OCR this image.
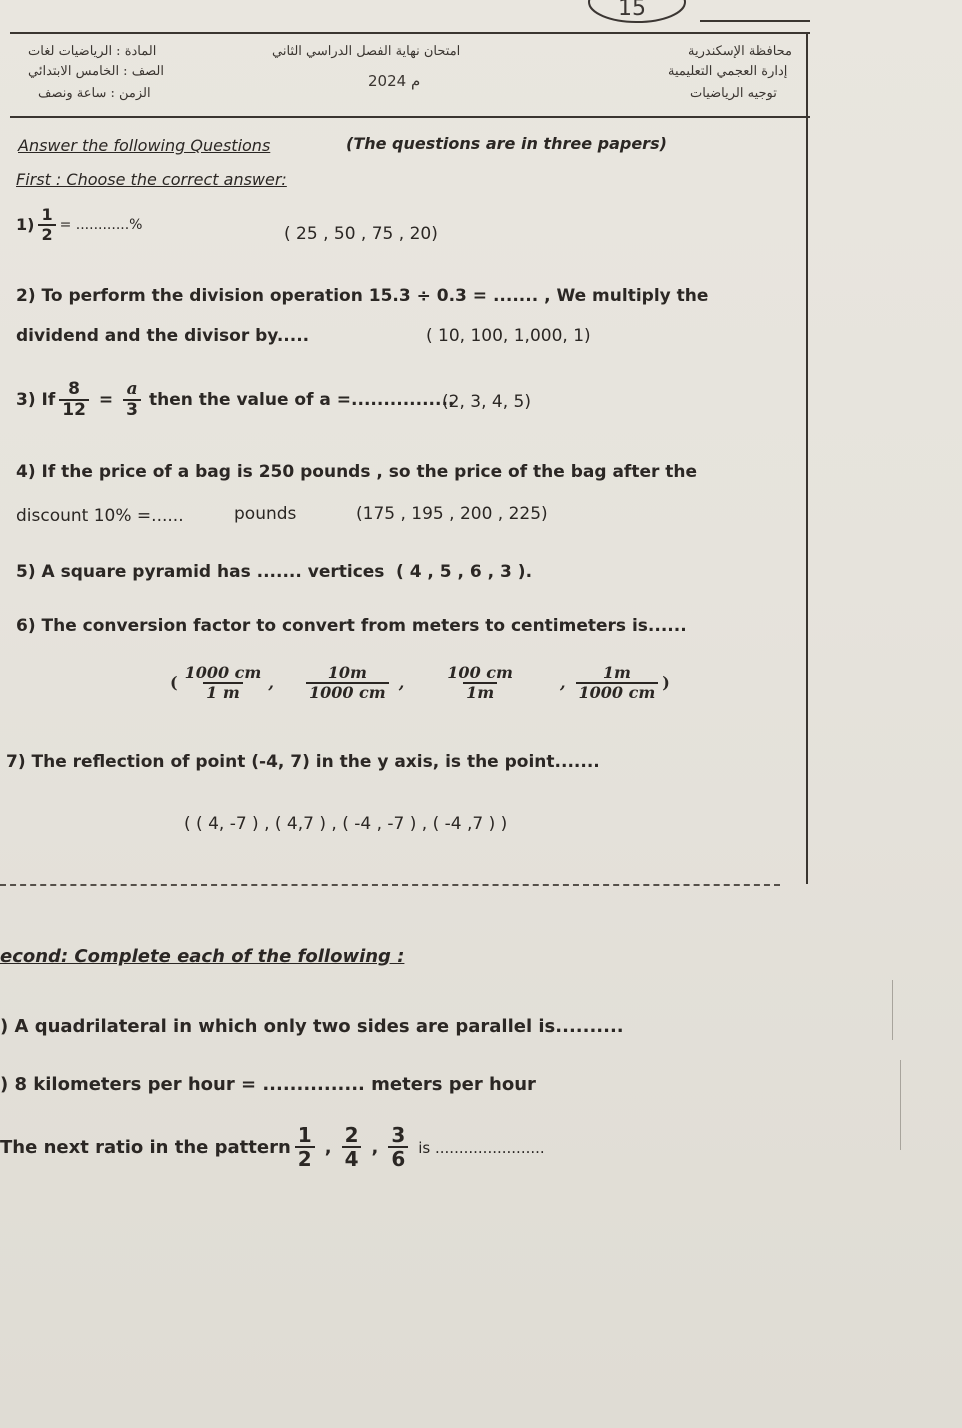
15
المادة : الرياضيات لغات
الصف : الخامس الابتدائي
الزمن : ساعة ونصف
امتحان نهاية الفصل الدراسي الثاني
2024 م
محافظة الإسكندرية
إدارة العجمي التعليمية
توجيه الرياضيات
Answer the following Questions	(The questions are in three papers)
First : Choose the correct answer:
$1) \frac{1}{2}$ = ............%	( 25 , 50 , 75 , 20)
2) To perform the division operation 15.3 ÷ 0.3 = ....... , We multiply the
dividend and the divisor by.....	( 10, 100, 1,000, 1)
3) If $\frac{8}{12} = \frac{a}{3}$ then the value of a =................
(2, 3, 4, 5)
4) If the price of a bag is 250 pounds , so the price of the bag after the
discount 10% =......	pounds	(175 , 195 , 200 , 225)
5) A square pyramid has ....... vertices ( 4 , 5 , 6 , 3 ).
6) The conversion factor to convert from meters to centimeters is......
( $\frac{1000 cm}{1 m}$ , $\frac{10m}{1000 cm}$ ,	$\frac{100 cm}{1m}$	, $\frac{1m}{1000 cm}$ )
7) The reflection of point (-4, 7) in the y axis, is the point.......
( ( 4, -7 ) , ( 4,7 ) , ( -4 , -7 ) , ( -4 ,7 ) )
econd: Complete each of the following :
) A quadrilateral in which only two sides are parallel is..........
) 8 kilometers per hour = ............... meters per hour
The next ratio in the pattern $\frac{1}{2}$ , $\frac{2}{4}$ , $\frac{3}{6}$ is .......................
